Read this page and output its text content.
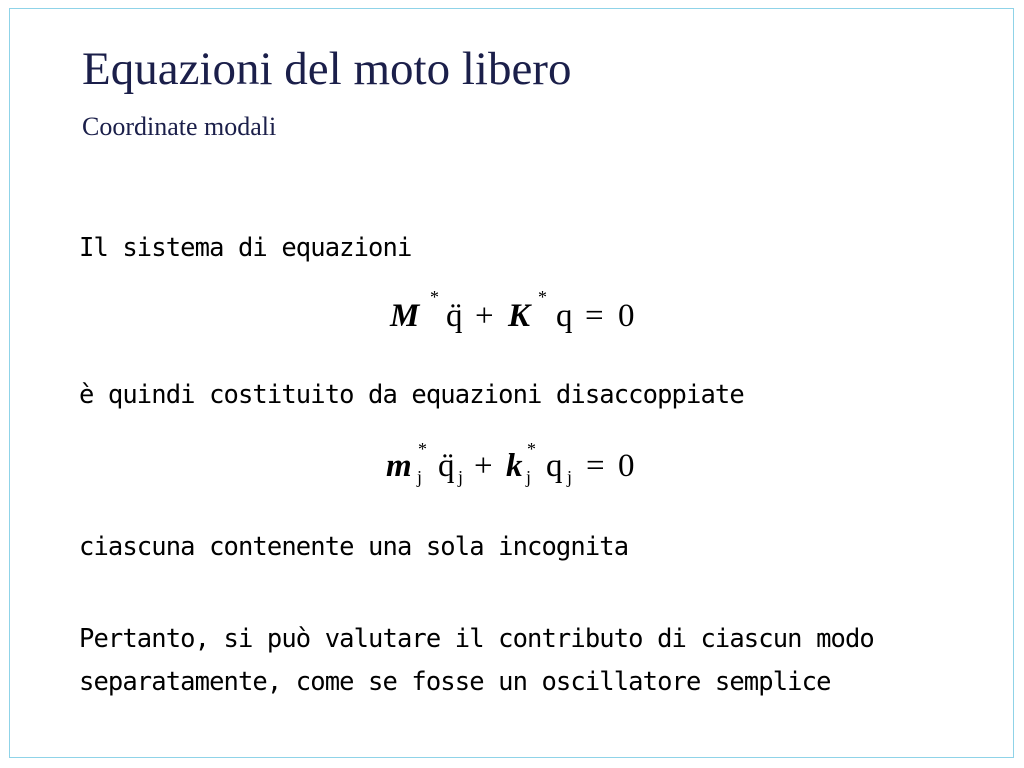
Equazioni del moto libero
Coordinate modali
Il sistema di equazioni
M
*
q̈ + K
*
q = 0
è quindi costituito da equazioni disaccoppiate
m *
j q̈ j + k *
j q j = 0
ciascuna contenente una sola incognita
Pertanto, si può valutare il contributo di ciascun modo
separatamente, come se fosse un oscillatore semplice
